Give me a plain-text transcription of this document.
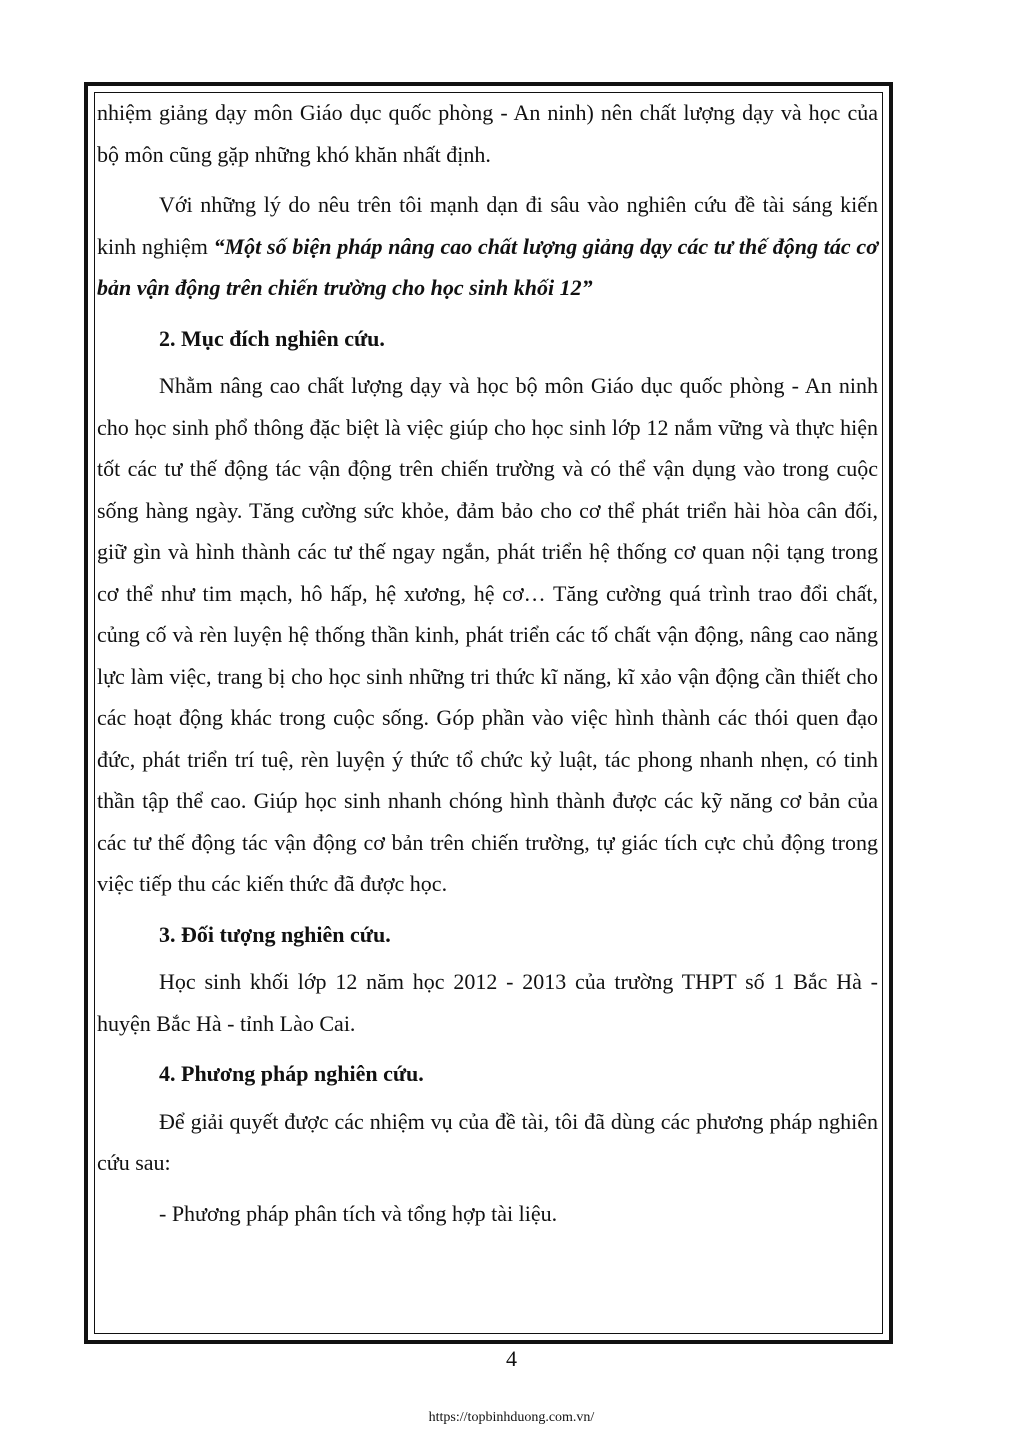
nhiệm giảng dạy môn Giáo dục quốc phòng - An ninh) nên chất lượng dạy và học của bộ môn cũng gặp những khó khăn nhất định.

Với những lý do nêu trên tôi mạnh dạn đi sâu vào nghiên cứu đề tài sáng kiến kinh nghiệm “Một số biện pháp nâng cao chất lượng giảng dạy các tư thế động tác cơ bản vận động trên chiến trường cho học sinh khối 12”

2. Mục đích nghiên cứu.

Nhằm nâng cao chất lượng dạy và học bộ môn Giáo dục quốc phòng - An ninh cho học sinh phổ thông đặc biệt là việc giúp cho học sinh lớp 12 nắm vững và thực hiện tốt các tư thế động tác vận động trên chiến trường và có thể vận dụng vào trong cuộc sống hàng ngày. Tăng cường sức khỏe, đảm bảo cho cơ thể phát triển hài hòa cân đối, giữ gìn và hình thành các tư thế ngay ngắn, phát triển hệ thống cơ quan nội tạng trong cơ thể như tim mạch, hô hấp, hệ xương, hệ cơ… Tăng cường quá trình trao đổi chất, củng cố và rèn luyện hệ thống thần kinh, phát triển các tố chất vận động, nâng cao năng lực làm việc, trang bị cho học sinh những tri thức kĩ năng, kĩ xảo vận động cần thiết cho các hoạt động khác trong cuộc sống. Góp phần vào việc hình thành các thói quen đạo đức, phát triển trí tuệ, rèn luyện ý thức tổ chức kỷ luật, tác phong nhanh nhẹn, có tinh thần tập thể cao. Giúp học sinh nhanh chóng hình thành được các kỹ năng cơ bản của các tư thế động tác vận động cơ bản trên chiến trường, tự giác tích cực chủ động trong việc tiếp thu các kiến thức đã được học.

3. Đối tượng nghiên cứu.

Học sinh khối lớp 12 năm học 2012 - 2013 của trường THPT số 1 Bắc Hà - huyện Bắc Hà - tỉnh Lào Cai.

4. Phương pháp nghiên cứu.

Để giải quyết được các nhiệm vụ của đề tài, tôi đã dùng các phương pháp nghiên cứu sau:

- Phương pháp phân tích và tổng hợp tài liệu.

4
https://topbinhduong.com.vn/
